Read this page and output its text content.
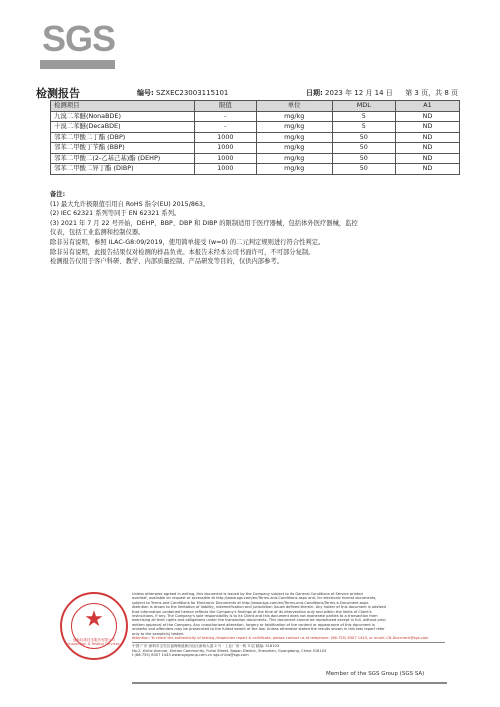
SGS
检测报告	编号: SZXEC23003115101	日期: 2023 年 12 月 14 日 第 3 页，共 8 页
检测项目	限值	单位	MDL	A1
九溴二苯醚(NonaBDE)	-	mg/kg	5	ND
十溴二苯醚(DecaBDE)	-	mg/kg	5	ND
邻苯二甲酸二丁酯 (DBP)	1000	mg/kg	50	ND
邻苯二甲酸丁苄酯 (BBP)	1000	mg/kg	50	ND
邻苯二甲酸二(2-乙基己基)酯 (DEHP)	1000	mg/kg	50	ND
邻苯二甲酸二异丁酯 (DIBP)	1000	mg/kg	50	ND
备注:
(1) 最大允许极限值引用自 RoHS 指令(EU) 2015/863。
(2) IEC 62321 系列等同于 EN 62321 系列。
(3) 2021 年 7 月 22 号开始，DEHP、BBP、DBP 和 DIBP 的限制适用于医疗器械，包括体外医疗器械，监控
仪表，包括工业监测和控制仪器。
除非另有说明，参照 ILAC-G8:09/2019，使用简单接受 (w=0) 的二元判定规则进行符合性判定。
除非另有说明，此报告结果仅对检测的样品负责。本报告未经本公司书面许可，不可部分复制。
检测报告仅用于客户科研、教学、内部质量控制、产品研发等目的，仅供内部参考。
★
通标标准技术服务有限公司 Inspection & Testing Services
Unless otherwise agreed in writing, this document is issued by the Company subject to its General Conditions of Service printed
overleaf, available on request or accessible at http://www.sgs.com/en/Terms-and-Conditions.aspx and, for electronic format documents,
subject to Terms and Conditions for Electronic Documents at http://www.sgs.com/en/Terms-and-Conditions/Terms-e-Document.aspx.
Attention is drawn to the limitation of liability, indemnification and jurisdiction issues defined therein. Any holder of this document is advised
that information contained hereon reflects the Company's findings at the time of its intervention only and within the limits of Client's
instructions, if any. The Company's sole responsibility is to its Client and this document does not exonerate parties to a transaction from
exercising all their rights and obligations under the transaction documents. This document cannot be reproduced except in full, without prior
written approval of the Company. Any unauthorized alteration, forgery or falsification of the content or appearance of this document is
unlawful and offenders may be prosecuted to the fullest extent of the law. Unless otherwise stated the results shown in this test report refer
only to the sample(s) tested.
Attention: To check the authenticity of testing /inspection report & certificate, please contact us at telephone: (86-755) 8307 1443, or email: CN.Doccheck@sgs.com
中国·广东·深圳市宝安区福海街道新田社区新和大道 2 号 · 工业厂房一栋 3 层 邮编: 518103
No.2, Xinhe Avenue, Xintian Community, Fuhai Street, Baoan District, Shenzhen, Guangdong, China 518103
t (86-755) 8307 1443 www.sgsgroup.com.cn sgs.china@sgs.com
Member of the SGS Group (SGS SA)
